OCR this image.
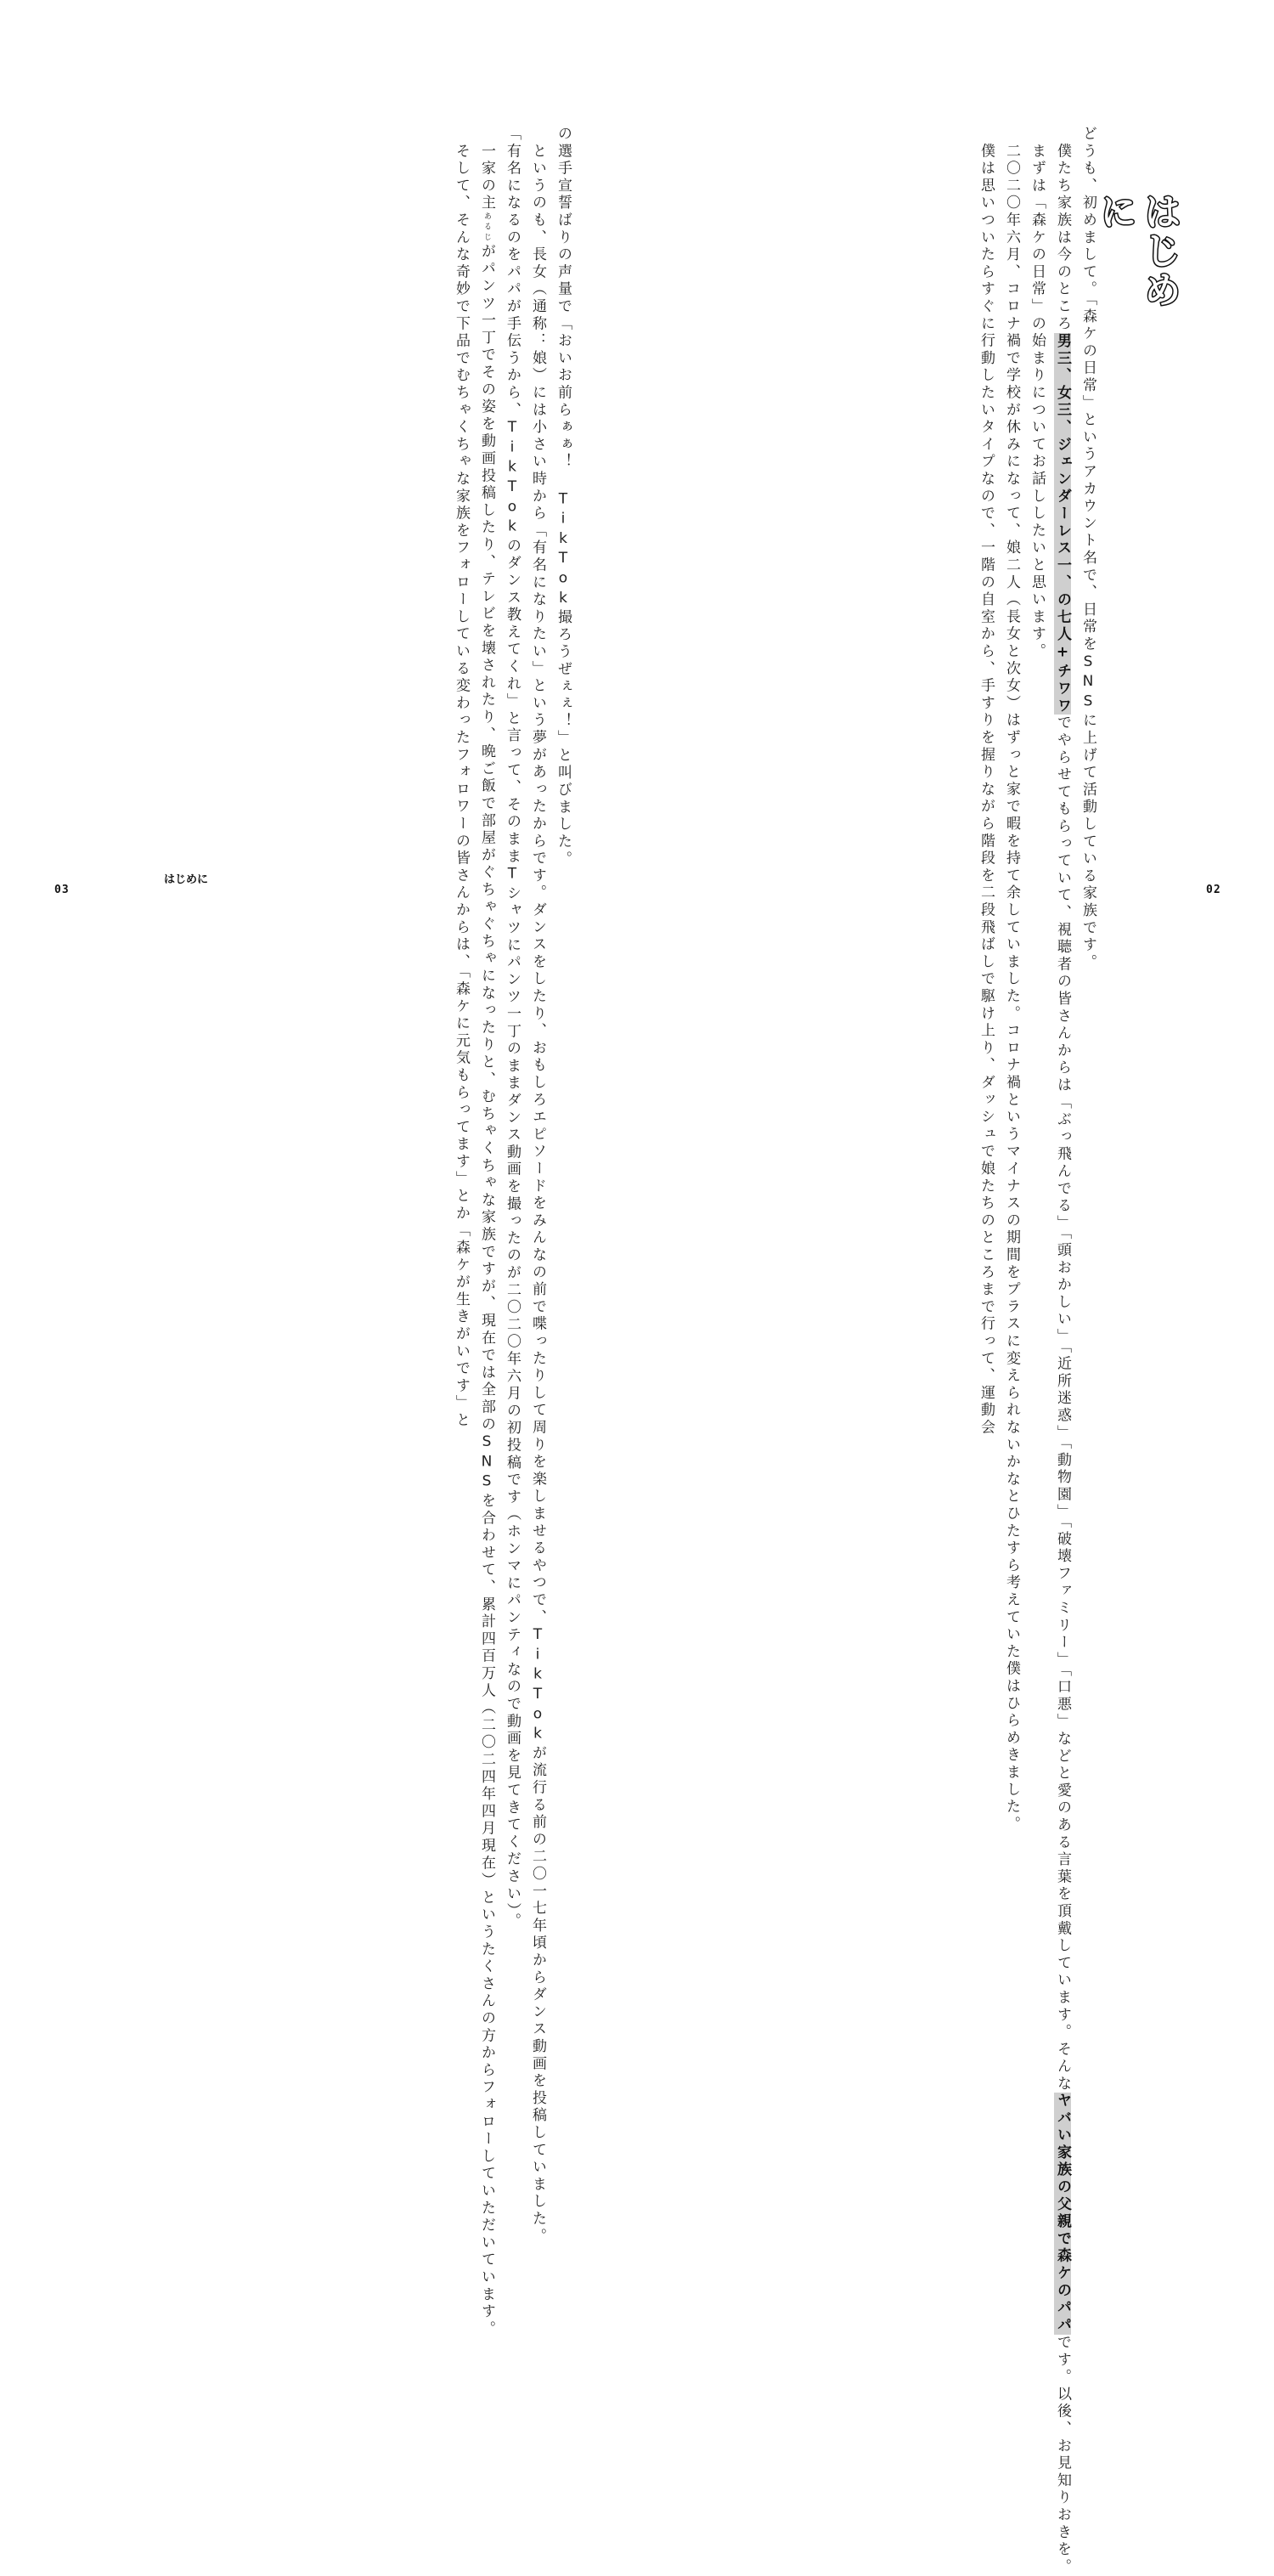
はじめに
どうも、初めまして。「森ケの日常」というアカウント名で、日常をSNSに上げて活動している家族です。
　僕たち家族は今のところ男三、女三、ジェンダーレス一、の七人+チワワでやらせてもらっていて、視聴者の皆さんからは「ぶっ飛んでる」「頭おかしい」「近所迷惑」「動物園」「破壊ファミリー」「口悪」などと愛のある言葉を頂戴しています。そんなヤバい家族の父親で森ケのパパです。以後、お見知りおきを。
　まずは「森ケの日常」の始まりについてお話ししたいと思います。
　二〇二〇年六月、コロナ禍で学校が休みになって、娘二人（長女と次女）はずっと家で暇を持て余していました。コロナ禍というマイナスの期間をプラスに変えられないかなとひたすら考えていた僕はひらめきました。
　僕は思いついたらすぐに行動したいタイプなので、一階の自室から、手すりを握りながら階段を二段飛ばしで駆け上り、ダッシュで娘たちのところまで行って、運動会
の選手宣誓ばりの声量で「おいお前らぁぁ！ TikTok撮ろうぜぇぇ！」と叫びました。
　というのも、長女（通称：娘）には小さい時から「有名になりたい」という夢があったからです。ダンスをしたり、おもしろエピソードをみんなの前で喋ったりして周りを楽しませるやつで、TikTokが流行る前の二〇一七年頃からダンス動画を投稿していました。
「有名になるのをパパが手伝うから、TikTokのダンス教えてくれ」と言って、そのままTシャツにパンツ一丁のままダンス動画を撮ったのが二〇二〇年六月の初投稿です（ホンマにパンティなので動画を見てきてください）。
　一家の主あるじがパンツ一丁でその姿を動画投稿したり、テレビを壊されたり、晩ご飯で部屋がぐちゃぐちゃになったりと、むちゃくちゃな家族ですが、現在では全部のSNSを合わせて、累計四百万人（二〇二四年四月現在）というたくさんの方からフォローしていただいています。
　そして、そんな奇妙で下品でむちゃくちゃな家族をフォローしている変わったフォロワーの皆さんからは、「森ケに元気もらってます」とか「森ケが生きがいです」と
03
はじめに
02
